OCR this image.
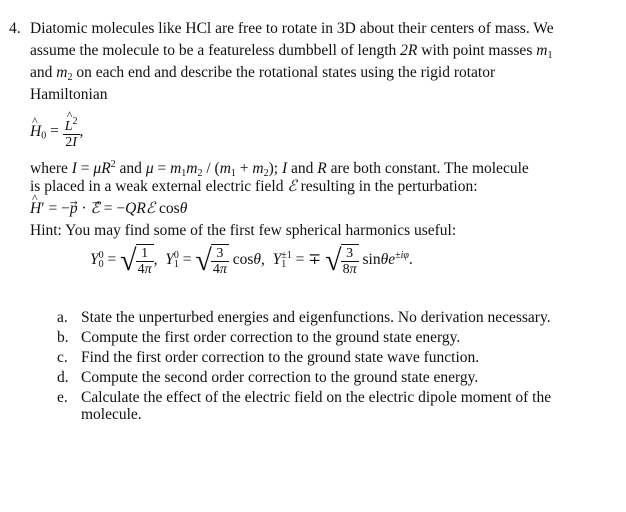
4. Diatomic molecules like HCl are free to rotate in 3D about their centers of mass. We
assume the molecule to be a featureless dumbbell of length 2R with point masses $m_1$
and $m_2$ on each end and describe the rotational states using the rigid rotator
Hamiltonian
^ $H_0$ =
^ $\frac{L^2}{2I}$ ,
where $I = \mu R^2$ and $\mu = m_1m_2 / (m_1 + m_2)$; I and R are both constant. The molecule
is placed in a weak external electric field ℰ resulting in the perturbation:
^ H′ = −p⃗ · ℰ⃗ = −QRℰ cosθ
Hint: You may find some of the first few spherical harmonics useful:
$Y_0^0$ = √ $\frac{1}{4\pi}$ ,  $Y_1^0$ = √ $\frac{3}{4\pi} \cos\theta$,  $Y_1^{\pm 1}$ = ∓ √ $\frac{3}{8\pi} \sin\theta e^{\pm i\varphi}$.
a. State the unperturbed energies and eigenfunctions. No derivation necessary.
b. Compute the first order correction to the ground state energy.
c. Find the first order correction to the ground state wave function.
d. Compute the second order correction to the ground state energy.
e. Calculate the effect of the electric field on the electric dipole moment of the molecule.
